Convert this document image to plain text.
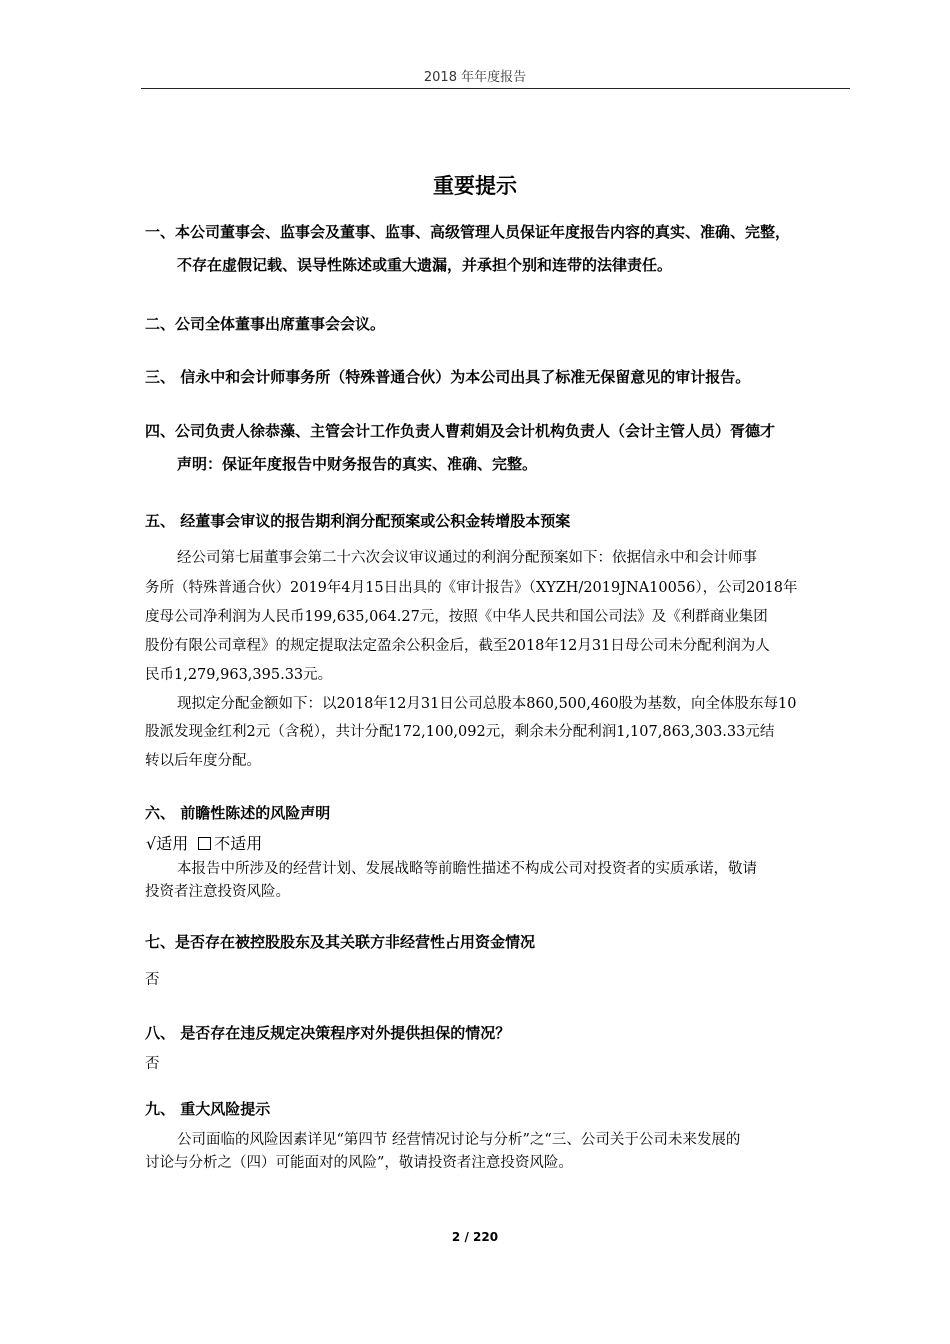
2018 年年度报告
重要提示
一、本公司董事会、监事会及董事、监事、高级管理人员保证年度报告内容的真实、准确、完整，
不存在虚假记载、误导性陈述或重大遗漏，并承担个别和连带的法律责任。
二、公司全体董事出席董事会会议。
三、 信永中和会计师事务所（特殊普通合伙）为本公司出具了标准无保留意见的审计报告。
四、公司负责人徐恭藻、主管会计工作负责人曹莉娟及会计机构负责人（会计主管人员）胥德才
声明：保证年度报告中财务报告的真实、准确、完整。
五、 经董事会审议的报告期利润分配预案或公积金转增股本预案
经公司第七届董事会第二十六次会议审议通过的利润分配预案如下：依据信永中和会计师事
务所（特殊普通合伙）2019年4月15日出具的《审计报告》（XYZH/2019JNA10056），公司2018年
度母公司净利润为人民币199,635,064.27元，按照《中华人民共和国公司法》及《利群商业集团
股份有限公司章程》的规定提取法定盈余公积金后，截至2018年12月31日母公司未分配利润为人
民币1,279,963,395.33元。
现拟定分配金额如下：以2018年12月31日公司总股本860,500,460股为基数，向全体股东每10
股派发现金红利2元（含税），共计分配172,100,092元，剩余未分配利润1,107,863,303.33元结
转以后年度分配。
六、 前瞻性陈述的风险声明
√适用 不适用
本报告中所涉及的经营计划、发展战略等前瞻性描述不构成公司对投资者的实质承诺，敬请
投资者注意投资风险。
七、是否存在被控股股东及其关联方非经营性占用资金情况
否
八、 是否存在违反规定决策程序对外提供担保的情况？
否
九、 重大风险提示
公司面临的风险因素详见“第四节 经营情况讨论与分析”之“三、公司关于公司未来发展的
讨论与分析之（四）可能面对的风险”，敬请投资者注意投资风险。
2 / 220
